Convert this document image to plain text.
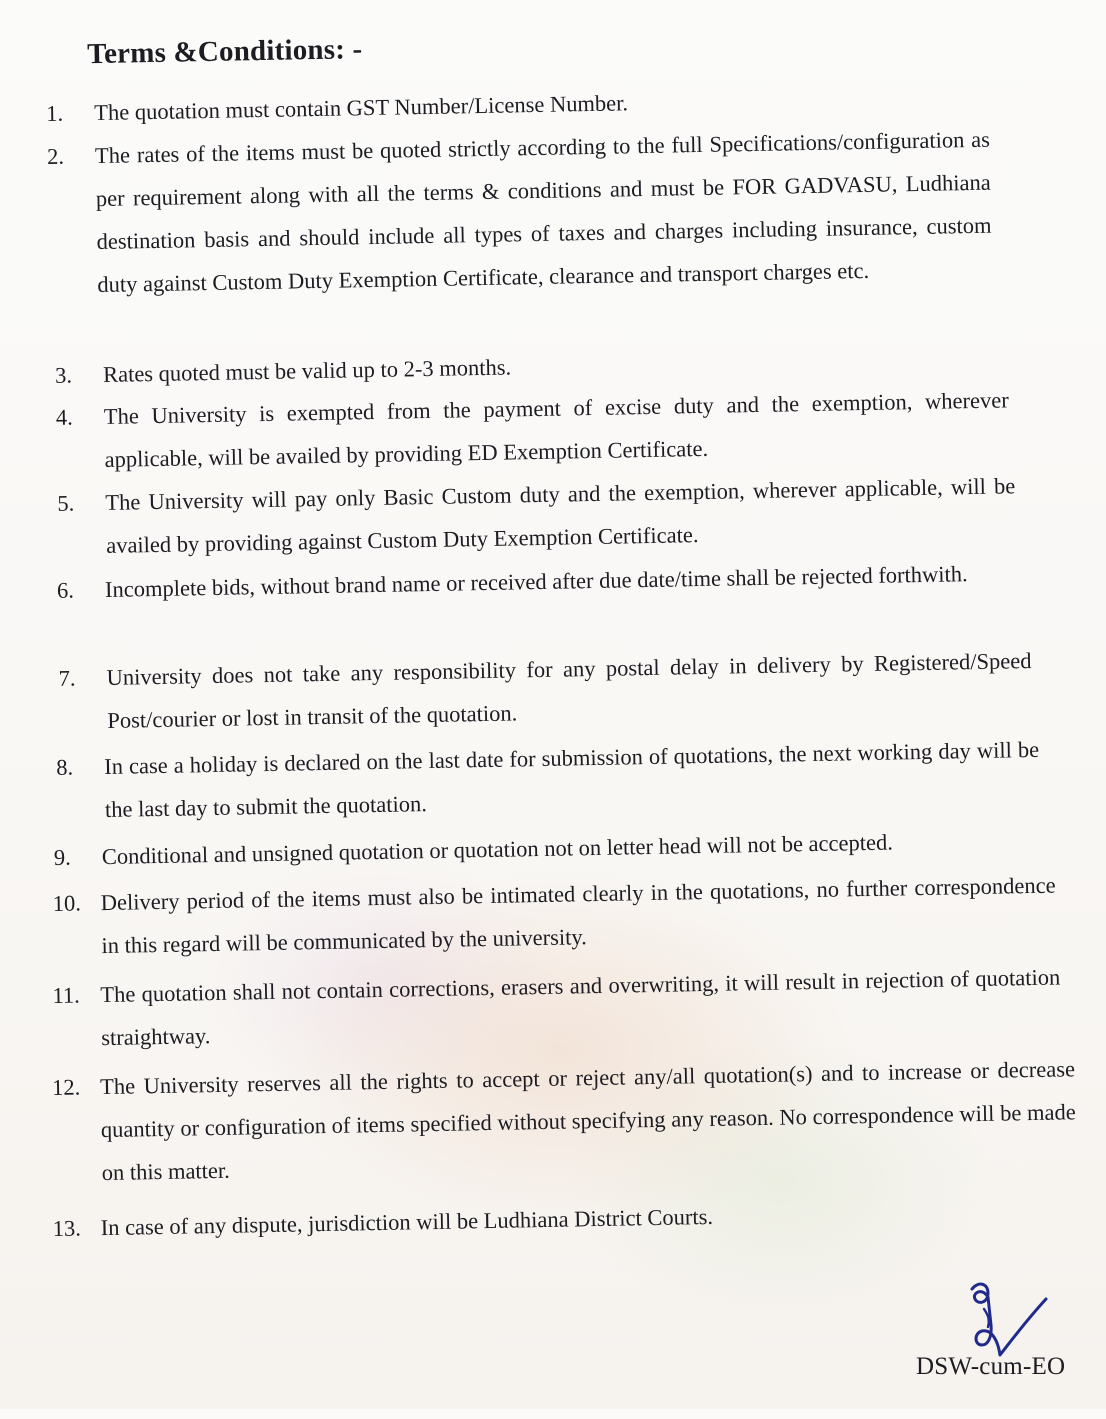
Terms &Conditions: -
1.	The quotation must contain GST Number/License Number.
2.	The rates of the items must be quoted strictly according to the full Specifications/configuration as per requirement along with all the terms & conditions and must be FOR GADVASU, Ludhiana destination basis and should include all types of taxes and charges including insurance, custom duty against Custom Duty Exemption Certificate, clearance and transport charges etc.
3.	Rates quoted must be valid up to 2-3 months.
4.	The University is exempted from the payment of excise duty and the exemption, wherever applicable, will be availed by providing ED Exemption Certificate.
5.	The University will pay only Basic Custom duty and the exemption, wherever applicable, will be availed by providing against Custom Duty Exemption Certificate.
6.	Incomplete bids, without brand name or received after due date/time shall be rejected forthwith.
7.	University does not take any responsibility for any postal delay in delivery by Registered/Speed Post/courier or lost in transit of the quotation.
8.	In case a holiday is declared on the last date for submission of quotations, the next working day will be the last day to submit the quotation.
9.	Conditional and unsigned quotation or quotation not on letter head will not be accepted.
10. Delivery period of the items must also be intimated clearly in the quotations, no further correspondence in this regard will be communicated by the university.
11. The quotation shall not contain corrections, erasers and overwriting, it will result in rejection of quotation straightway.
12. The University reserves all the rights to accept or reject any/all quotation(s) and to increase or decrease quantity or configuration of items specified without specifying any reason. No correspondence will be made on this matter.
13. In case of any dispute, jurisdiction will be Ludhiana District Courts.
DSW-cum-EO
